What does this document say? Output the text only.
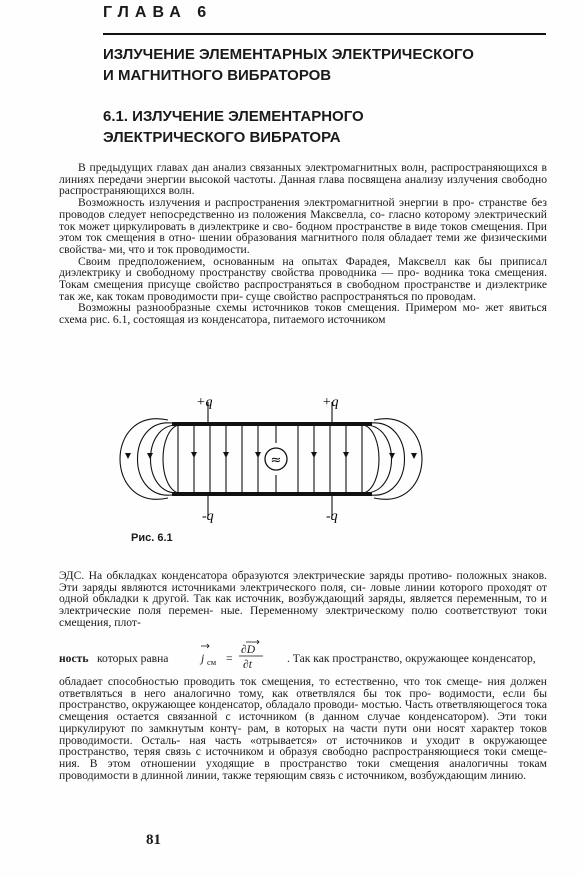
ГЛАВА 6
ИЗЛУЧЕНИЕ ЭЛЕМЕНТАРНЫХ ЭЛЕКТРИЧЕСКОГО
И МАГНИТНОГО ВИБРАТОРОВ
6.1. ИЗЛУЧЕНИЕ ЭЛЕМЕНТАРНОГО
ЭЛЕКТРИЧЕСКОГО ВИБРАТОРА

В предыдущих главах дан анализ связанных электромагнитных волн, распространяющихся в линиях передачи энергии высокой частоты. Данная глава посвящена анализу излучения свободно распространяющихся волн.

Возможность излучения и распространения электромагнитной энергии в про- странстве без проводов следует непосредственно из положения Максвелла, со- гласно которому электрический ток может циркулировать в диэлектрике и сво- бодном пространстве в виде токов смещения. При этом ток смещения в отно- шении образования магнитного поля обладает теми же физическими свойства- ми, что и ток проводимости.

Своим предположением, основанным на опытах Фарадея, Максвелл как бы приписал диэлектрику и свободному пространству свойства проводника — про- водника тока смещения. Токам смещения присуще свойство распространяться в свободном пространстве и диэлектрике так же, как токам проводимости при- суще свойство распространяться по проводам.

Возможны разнообразные схемы источников токов смещения. Примером мо- жет явиться схема рис. 6.1, состоящая из конденсатора, питаемого источником

≈
+q	+q
-q	-q
Рис. 6.1

ЭДС. На обкладках конденсатора образуются электрические заряды противо- положных знаков. Эти заряды являются источниками электрического поля, си- ловые линии которого проходят от одной обкладки к другой. Так как источник, возбуждающий заряды, является переменным, то и электрические поля перемен- ные. Переменному электрическому полю соответствуют токи смещения, плот-

ность которых равна	j см =
∂D
∂t	. Так как пространство, окружающее конденсатор,

обладает способностью проводить ток смещения, то естественно, что ток смеще- ния должен ответвляться в него аналогично тому, как ответвлялся бы ток про- водимости, если бы пространство, окружающее конденсатор, обладало проводи- мостью. Часть ответвляющегося тока смещения остается связанной с источником (в данном случае конденсатором). Эти токи циркулируют по замкнутым контү- рам, в которых на части пути они носят характер токов проводимости. Осталь- ная часть «отрывается» от источников и уходит в окружающее пространство, теряя связь с источником и образуя свободно распространяющиеся токи смеще- ния. В этом отношении уходящие в пространство токи смещения аналогичны токам проводимости в длинной линии, также теряющим связь с источником, возбуждающим линию.

81
